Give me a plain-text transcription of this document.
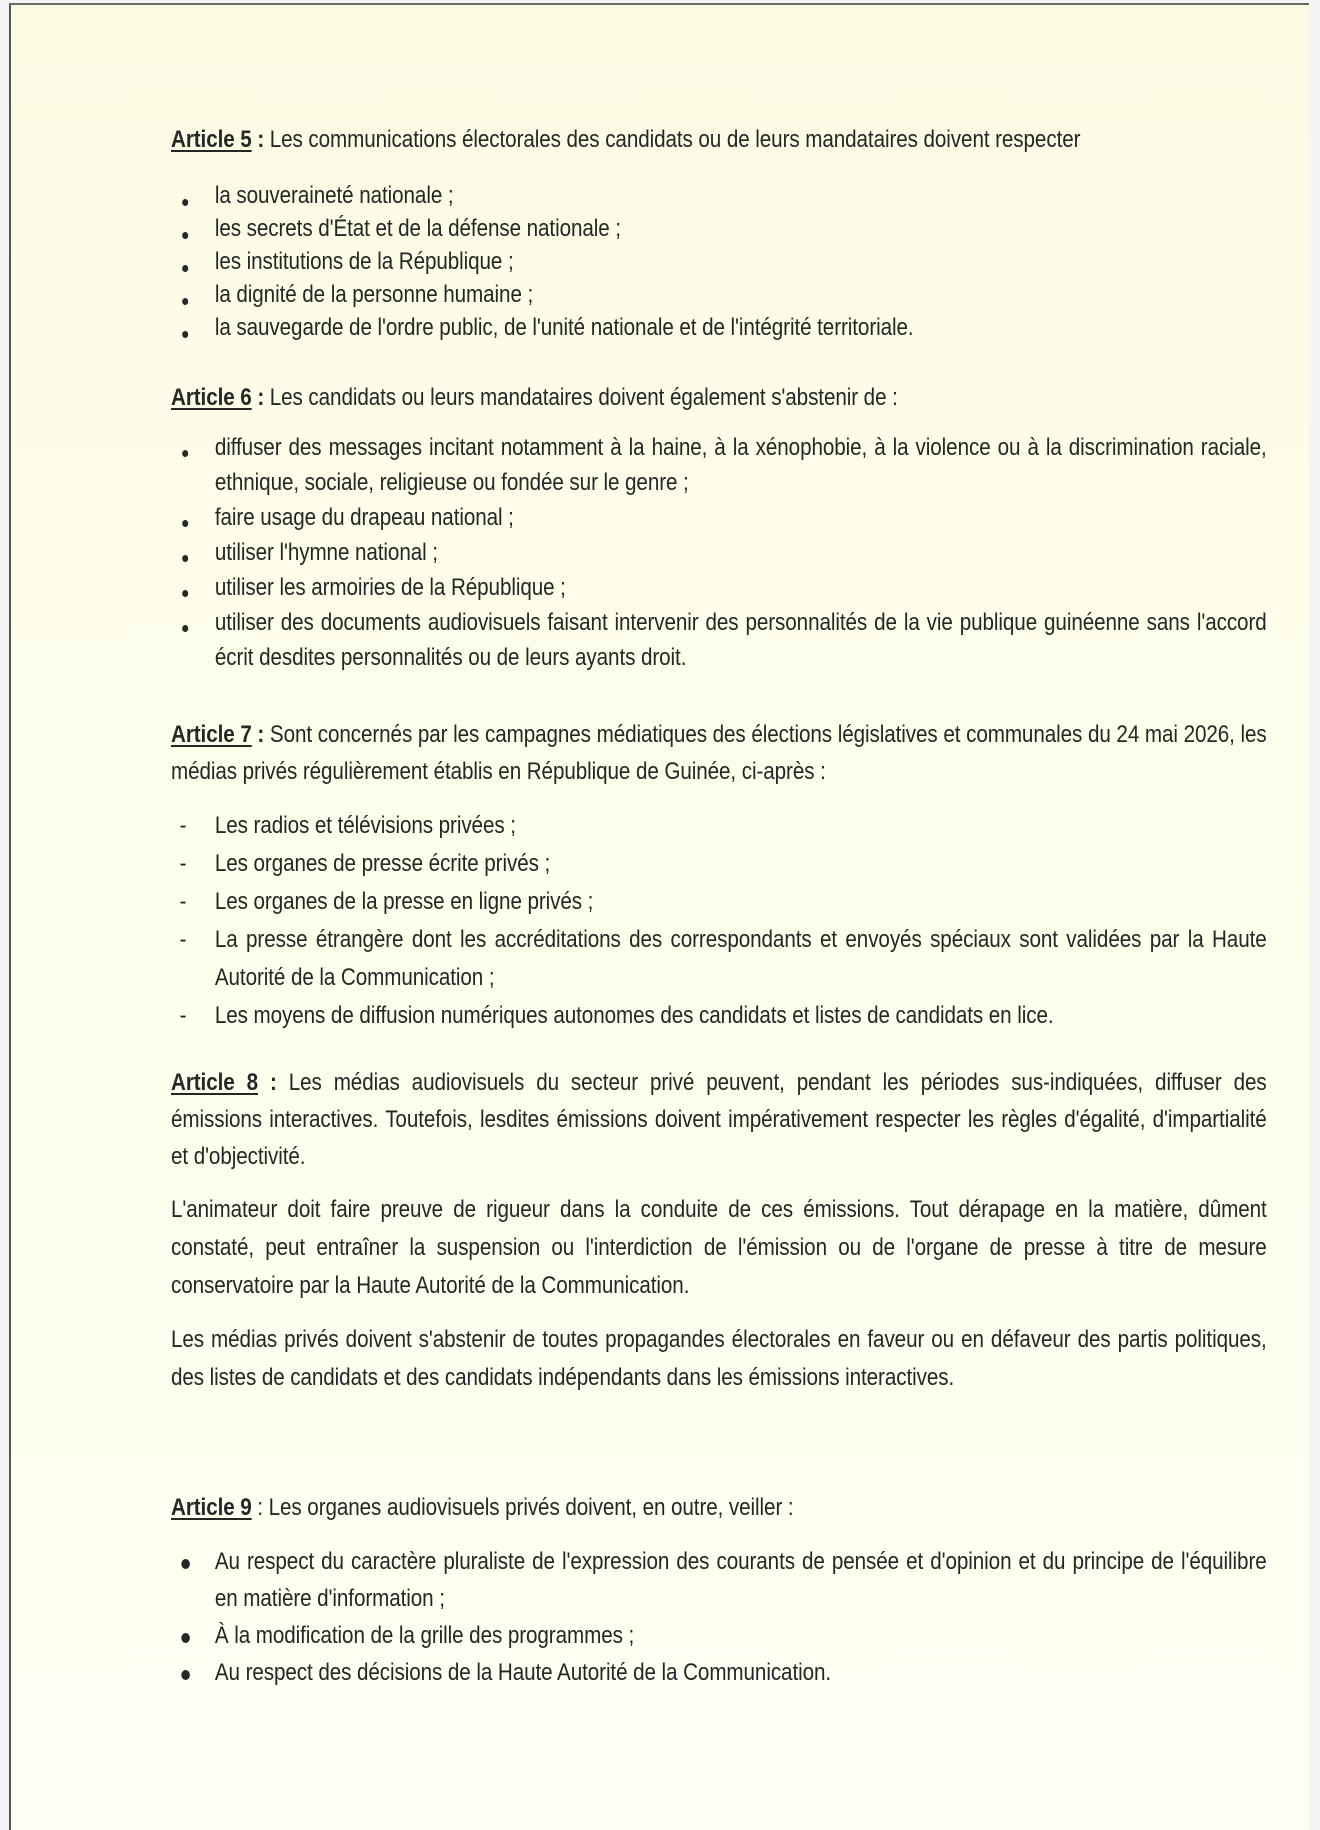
Article 5 : Les communications électorales des candidats ou de leurs mandataires doivent respecter
la souveraineté nationale ;
les secrets d'État et de la défense nationale ;
les institutions de la République ;
la dignité de la personne humaine ;
la sauvegarde de l'ordre public, de l'unité nationale et de l'intégrité territoriale.
Article 6 : Les candidats ou leurs mandataires doivent également s'abstenir de :
diffuser des messages incitant notamment à la haine, à la xénophobie, à la violence ou à la discrimination raciale, ethnique, sociale, religieuse ou fondée sur le genre ;
faire usage du drapeau national ;
utiliser l'hymne national ;
utiliser les armoiries de la République ;
utiliser des documents audiovisuels faisant intervenir des personnalités de la vie publique guinéenne sans l'accord écrit desdites personnalités ou de leurs ayants droit.
Article 7 : Sont concernés par les campagnes médiatiques des élections législatives et communales du 24 mai 2026, les médias privés régulièrement établis en République de Guinée, ci-après :
- Les radios et télévisions privées ;
- Les organes de presse écrite privés ;
- Les organes de la presse en ligne privés ;
- La presse étrangère dont les accréditations des correspondants et envoyés spéciaux sont validées par la Haute Autorité de la Communication ;
- Les moyens de diffusion numériques autonomes des candidats et listes de candidats en lice.
Article 8 : Les médias audiovisuels du secteur privé peuvent, pendant les périodes sus-indiquées, diffuser des émissions interactives. Toutefois, lesdites émissions doivent impérativement respecter les règles d'égalité, d'impartialité et d'objectivité.
L'animateur doit faire preuve de rigueur dans la conduite de ces émissions. Tout dérapage en la matière, dûment constaté, peut entraîner la suspension ou l'interdiction de l'émission ou de l'organe de presse à titre de mesure conservatoire par la Haute Autorité de la Communication.
Les médias privés doivent s'abstenir de toutes propagandes électorales en faveur ou en défaveur des partis politiques, des listes de candidats et des candidats indépendants dans les émissions interactives.
Article 9 : Les organes audiovisuels privés doivent, en outre, veiller :
Au respect du caractère pluraliste de l'expression des courants de pensée et d'opinion et du principe de l'équilibre en matière d'information ;
À la modification de la grille des programmes ;
Au respect des décisions de la Haute Autorité de la Communication.
